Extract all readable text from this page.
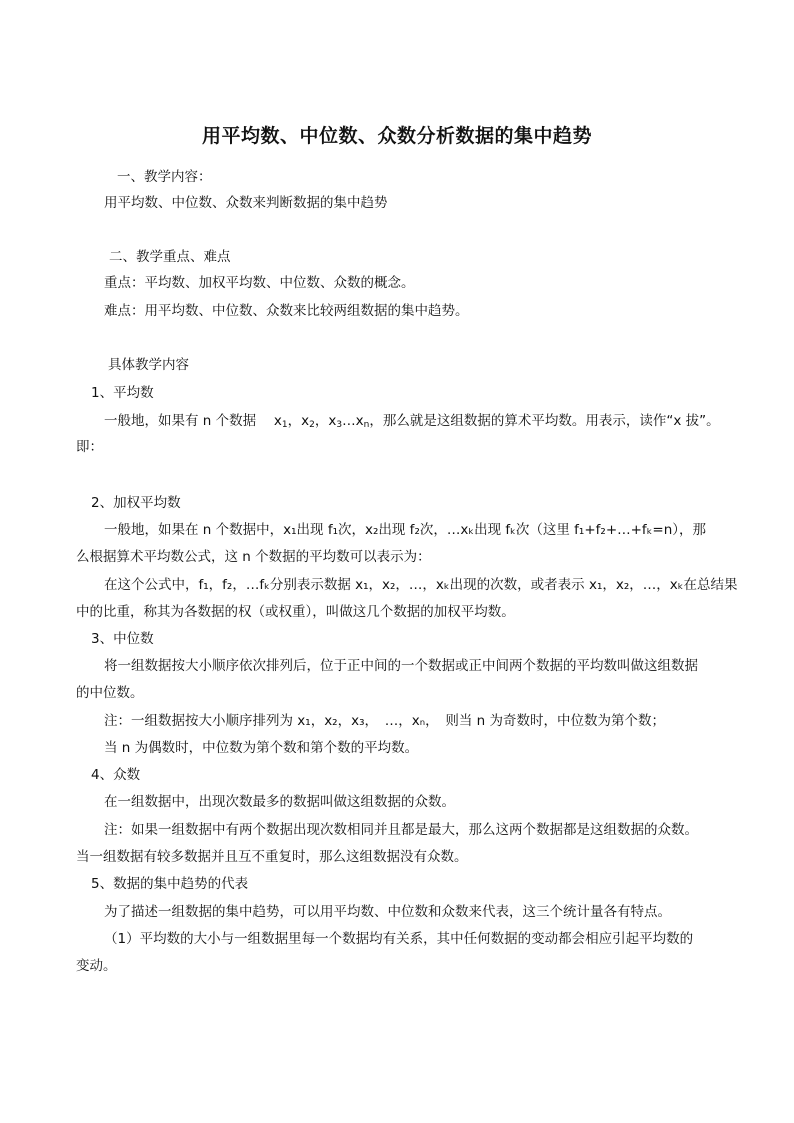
用平均数、中位数、众数分析数据的集中趋势
一、教学内容：
用平均数、中位数、众数来判断数据的集中趋势
二、教学重点、难点
重点：平均数、加权平均数、中位数、众数的概念。
难点：用平均数、中位数、众数来比较两组数据的集中趋势。
具体教学内容
1、平均数
一般地，如果有 n 个数据　 $x_1$，$x_2$，$x_3\dots x_n$，那么就是这组数据的算术平均数。用表示，读作“x 拔”。
即：
2、加权平均数
一般地，如果在 n 个数据中，x₁出现 f₁次，x₂出现 f₂次，…xₖ出现 fₖ次（这里 f₁+f₂+…+fₖ=n），那
么根据算术平均数公式，这 n 个数据的平均数可以表示为：
在这个公式中，f₁，f₂，…fₖ分别表示数据 x₁，x₂，…，xₖ出现的次数，或者表示 x₁，x₂，…，xₖ在总结果
中的比重，称其为各数据的权（或权重），叫做这几个数据的加权平均数。
3、中位数
将一组数据按大小顺序依次排列后，位于正中间的一个数据或正中间两个数据的平均数叫做这组数据
的中位数。
注：一组数据按大小顺序排列为 x₁，x₂，x₃，　…，xₙ，　则当 n 为奇数时，中位数为第个数；
当 n 为偶数时，中位数为第个数和第个数的平均数。
4、众数
在一组数据中，出现次数最多的数据叫做这组数据的众数。
注：如果一组数据中有两个数据出现次数相同并且都是最大，那么这两个数据都是这组数据的众数。
当一组数据有较多数据并且互不重复时，那么这组数据没有众数。
5、数据的集中趋势的代表
为了描述一组数据的集中趋势，可以用平均数、中位数和众数来代表，这三个统计量各有特点。
（1）平均数的大小与一组数据里每一个数据均有关系，其中任何数据的变动都会相应引起平均数的
变动。
